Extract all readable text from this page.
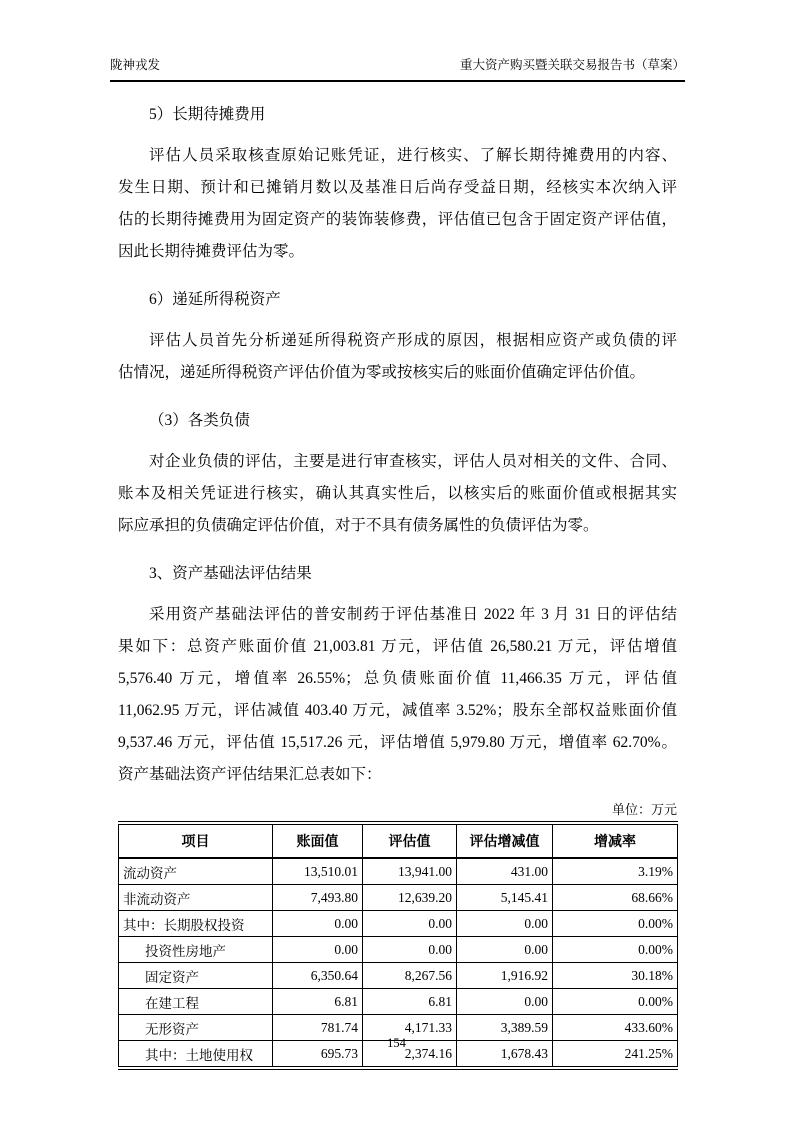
陇神戎发	重大资产购买暨关联交易报告书（草案）
5）长期待摊费用
评估人员采取核查原始记账凭证，进行核实、了解长期待摊费用的内容、
发生日期、预计和已摊销月数以及基准日后尚存受益日期，经核实本次纳入评
估的长期待摊费用为固定资产的装饰装修费，评估值已包含于固定资产评估值，
因此长期待摊费评估为零。
6）递延所得税资产
评估人员首先分析递延所得税资产形成的原因，根据相应资产或负债的评
估情况，递延所得税资产评估价值为零或按核实后的账面价值确定评估价值。
（3）各类负债
对企业负债的评估，主要是进行审查核实，评估人员对相关的文件、合同、
账本及相关凭证进行核实，确认其真实性后，以核实后的账面价值或根据其实
际应承担的负债确定评估价值，对于不具有债务属性的负债评估为零。
3、资产基础法评估结果
采用资产基础法评估的普安制药于评估基准日 2022 年 3 月 31 日的评估结
果如下：总资产账面价值 21,003.81 万元，评估值 26,580.21 万元，评估增值
5,576.40 万元，增值率 26.55%；总负债账面价值 11,466.35 万元，评估值
11,062.95 万元，评估减值 403.40 万元，减值率 3.52%；股东全部权益账面价值
9,537.46 万元，评估值 15,517.26 元，评估增值 5,979.80 万元，增值率 62.70%。
资产基础法资产评估结果汇总表如下：
单位：万元
项目	账面值	评估值	评估增减值	增减率
流动资产	13,510.01	13,941.00	431.00	3.19%
非流动资产	7,493.80	12,639.20	5,145.41	68.66%
其中：长期股权投资	0.00	0.00	0.00	0.00%
投资性房地产	0.00	0.00	0.00	0.00%
固定资产	6,350.64	8,267.56	1,916.92	30.18%
在建工程	6.81	6.81	0.00	0.00%
无形资产	781.74	4,171.33	3,389.59	433.60%
其中：土地使用权	695.73	2,374.16	1,678.43	241.25%
154
